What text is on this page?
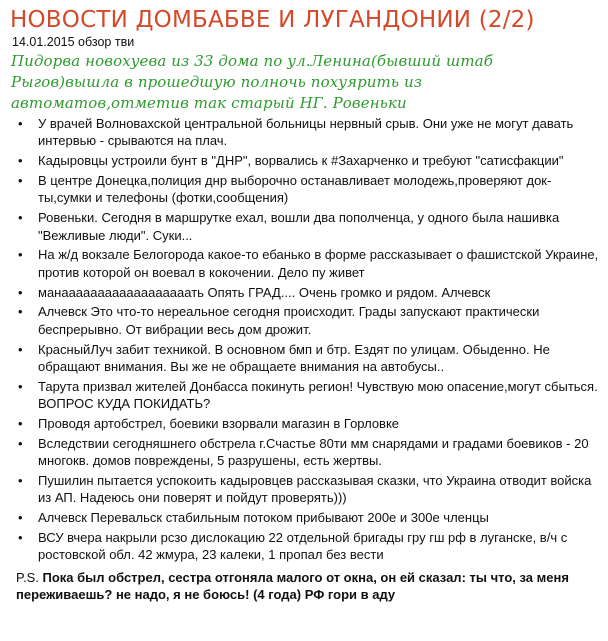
НОВОСТИ ДОМБАБВЕ И ЛУГАНДОНИИ (2/2)
14.01.2015 обзор тви
Пидорва новохуева из 33 дома по ул.Ленина(бывший штаб Рыгов)вышла в прошедшую полночь похуярить из автоматов,отметив так старый НГ. Ровеньки
• У врачей Волновахской центральной больницы нервный срыв. Они уже не могут давать интервью - срываются на плач.
• Кадыровцы устроили бунт в "ДНР", ворвались к #Захарченко и требуют "сатисфакции"
• В центре Донецка,полиция днр выборочно останавливает молодежь,проверяют док-ты,сумки и телефоны (фотки,сообщения)
• Ровеньки. Сегодня в маршрутке ехал, вошли два пополченца, у одного была нашивка "Вежливые люди". Суки...
• На ж/д вокзале Белогорода какое-то ебанько в форме рассказывает о фашистской Украине, против которой он воевал в кокочении. Дело пу живет
• манаааааааааааааааааать Опять ГРАД.... Очень громко и рядом. Алчевск
• Алчевск Это что-то нереальное сегодня происходит. Грады запускают практически беспрерывно. От вибрации весь дом дрожит.
• КрасныйЛуч забит техникой. В основном бмп и бтр. Ездят по улицам. Обыденно. Не обращают внимания. Вы же не обращаете внимания на автобусы..
• Тарута призвал жителей Донбасса покинуть регион! Чувствую мою опасение,могут сбыться. ВОПРОС КУДА ПОКИДАТЬ?
• Проводя артобстрел, боевики взорвали магазин в Горловке
• Вследствии сегодняшнего обстрела г.Счастье 80ти мм снарядами и градами боевиков - 20 многокв. домов повреждены, 5 разрушены, есть жертвы.
• Пушилин пытается успокоить кадыровцев рассказывая сказки, что Украина отводит войска из АП. Надеюсь они поверят и пойдут проверять)))
• Алчевск Перевальск стабильным потоком прибывают 200е и 300е членцы
• ВСУ вчера накрыли рсзо дислокацию 22 отдельной бригады гру гш рф в луганске, в/ч с ростовской обл. 42 жмура, 23 калеки, 1 пропал без вести
P.S. Пока был обстрел, сестра отгоняла малого от окна, он ей сказал: ты что, за меня переживаешь? не надо, я не боюсь! (4 года) РФ гори в аду
